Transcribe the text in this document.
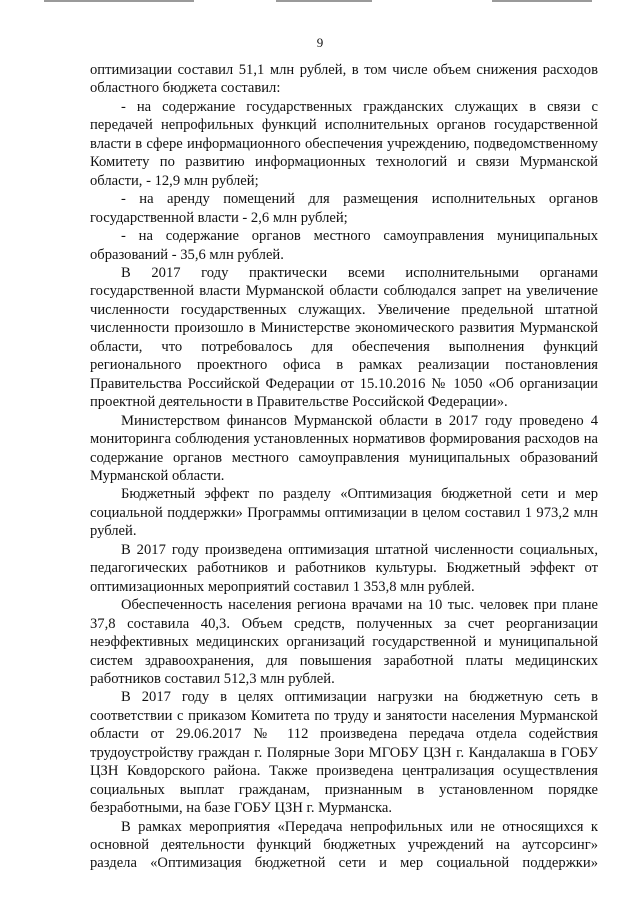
9

оптимизации составил 51,1 млн рублей, в том числе объем снижения расходов областного бюджета составил:

- на содержание государственных гражданских служащих в связи с передачей непрофильных функций исполнительных органов государственной власти в сфере информационного обеспечения учреждению, подведомственному Комитету по развитию информационных технологий и связи Мурманской области, - 12,9 млн рублей;

- на аренду помещений для размещения исполнительных органов государственной власти - 2,6 млн рублей;

- на содержание органов местного самоуправления муниципальных образований - 35,6 млн рублей.

В 2017 году практически всеми исполнительными органами государственной власти Мурманской области соблюдался запрет на увеличение численности государственных служащих. Увеличение предельной штатной численности произошло в Министерстве экономического развития Мурманской области, что потребовалось для обеспечения выполнения функций регионального проектного офиса в рамках реализации постановления Правительства Российской Федерации от 15.10.2016 № 1050 «Об организации проектной деятельности в Правительстве Российской Федерации».

Министерством финансов Мурманской области в 2017 году проведено 4 мониторинга соблюдения установленных нормативов формирования расходов на содержание органов местного самоуправления муниципальных образований Мурманской области.

Бюджетный эффект по разделу «Оптимизация бюджетной сети и мер социальной поддержки» Программы оптимизации в целом составил 1 973,2 млн рублей.

В 2017 году произведена оптимизация штатной численности социальных, педагогических работников и работников культуры. Бюджетный эффект от оптимизационных мероприятий составил 1 353,8 млн рублей.

Обеспеченность населения региона врачами на 10 тыс. человек при плане 37,8 составила 40,3. Объем средств, полученных за счет реорганизации неэффективных медицинских организаций государственной и муниципальной систем здравоохранения, для повышения заработной платы медицинских работников составил 512,3 млн рублей.

В 2017 году в целях оптимизации нагрузки на бюджетную сеть в соответствии с приказом Комитета по труду и занятости населения Мурманской области от 29.06.2017 № 112 произведена передача отдела содействия трудоустройству граждан г. Полярные Зори МГОБУ ЦЗН г. Кандалакша в ГОБУ ЦЗН Ковдорского района. Также произведена централизация осуществления социальных выплат гражданам, признанным в установленном порядке безработными, на базе ГОБУ ЦЗН г. Мурманска.

В рамках мероприятия «Передача непрофильных или не относящихся к основной деятельности функций бюджетных учреждений на аутсорсинг» раздела «Оптимизация бюджетной сети и мер социальной поддержки»
